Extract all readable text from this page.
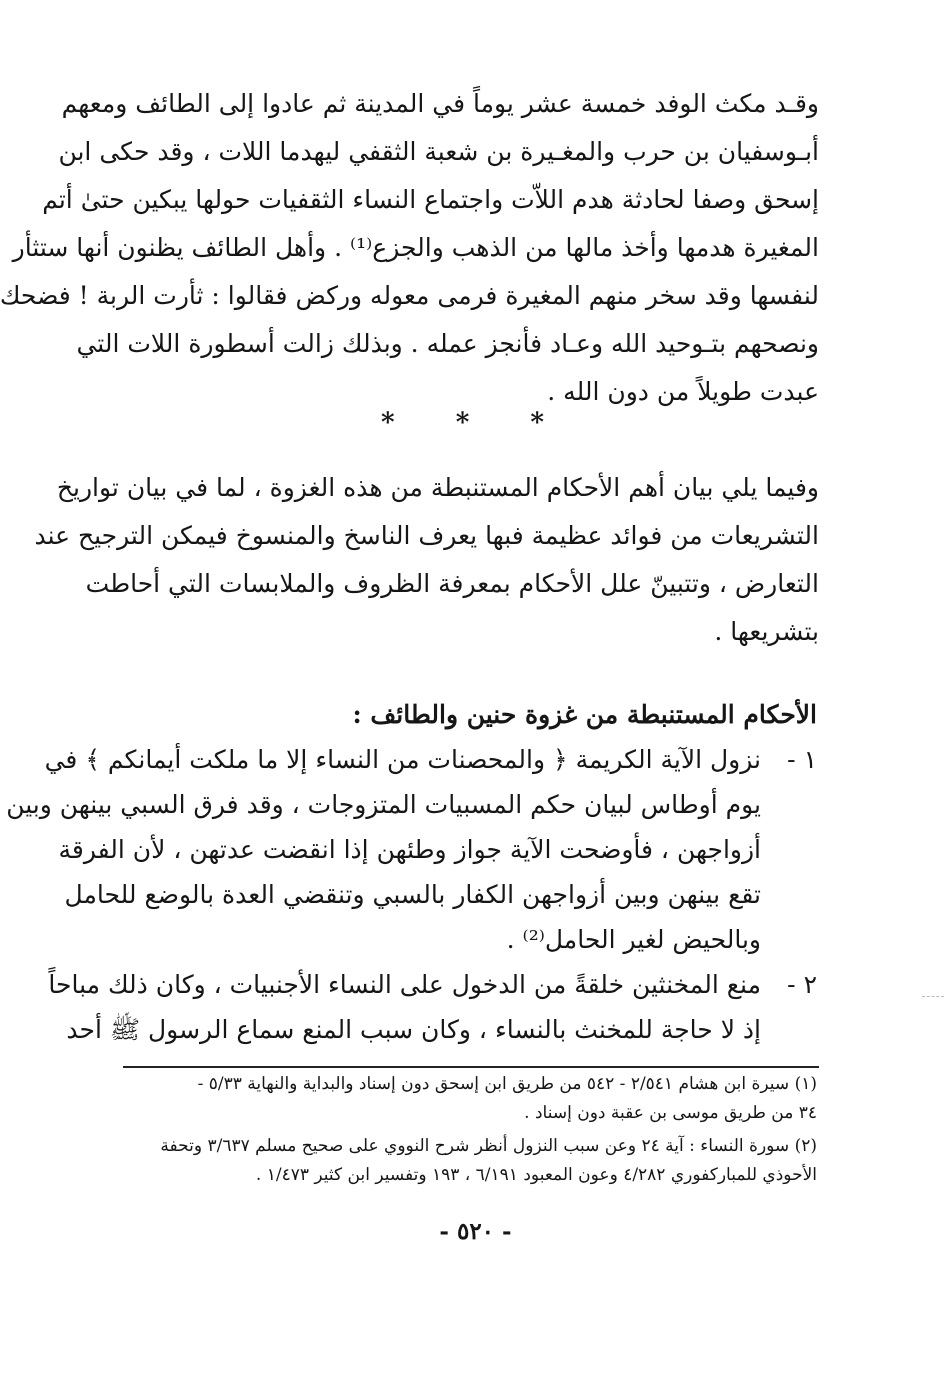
وقـد مكث الوفد خمسة عشر يوماً في المدينة ثم عادوا إلى الطائف ومعهم
أبـوسفيان بن حرب والمغـيرة بن شعبة الثقفي ليهدما اللات ، وقد حكى ابن
إسحق وصفا لحادثة هدم اللاّت واجتماع النساء الثقفيات حولها يبكين حتىٰ أتم
المغيرة هدمها وأخذ مالها من الذهب والجزع⁽¹⁾ . وأهل الطائف يظنون أنها ستثأر
لنفسها وقد سخر منهم المغيرة فرمى معوله وركض فقالوا : ثأرت الربة ! فضحك
ونصحهم بتـوحيد الله وعـاد فأنجز عمله . وبذلك زالت أسطورة اللات التي
عبدت طويلاً من دون الله .
* * *
وفيما يلي بيان أهم الأحكام المستنبطة من هذه الغزوة ، لما في بيان تواريخ
التشريعات من فوائد عظيمة فبها يعرف الناسخ والمنسوخ فيمكن الترجيح عند
التعارض ، وتتبينّ علل الأحكام بمعرفة الظروف والملابسات التي أحاطت
بتشريعها .
الأحكام المستنبطة من غزوة حنين والطائف :
١ -
نزول الآية الكريمة ﴿ والمحصنات من النساء إلا ما ملكت أيمانكم ﴾ في
يوم أوطاس لبيان حكم المسبيات المتزوجات ، وقد فرق السبي بينهن وبين
أزواجهن ، فأوضحت الآية جواز وطئهن إذا انقضت عدتهن ، لأن الفرقة
تقع بينهن وبين أزواجهن الكفار بالسبي وتنقضي العدة بالوضع للحامل
وبالحيض لغير الحامل⁽²⁾ .
٢ -
منع المخنثين خلقةً من الدخول على النساء الأجنبيات ، وكان ذلك مباحاً
إذ لا حاجة للمخنث بالنساء ، وكان سبب المنع سماع الرسول ﷺ أحد
(١) سيرة ابن هشام ٢/٥٤١ - ٥٤٢ من طريق ابن إسحق دون إسناد والبداية والنهاية ٥/٣٣ -
٣٤ من طريق موسى بن عقبة دون إسناد .
(٢) سورة النساء : آية ٢٤ وعن سبب النزول أنظر شرح النووي على صحيح مسلم ٣/٦٣٧ وتحفة
الأحوذي للمباركفوري ٤/٢٨٢ وعون المعبود ٦/١٩١ ، ١٩٣ وتفسير ابن كثير ١/٤٧٣ .
- ٥٢٠ -
